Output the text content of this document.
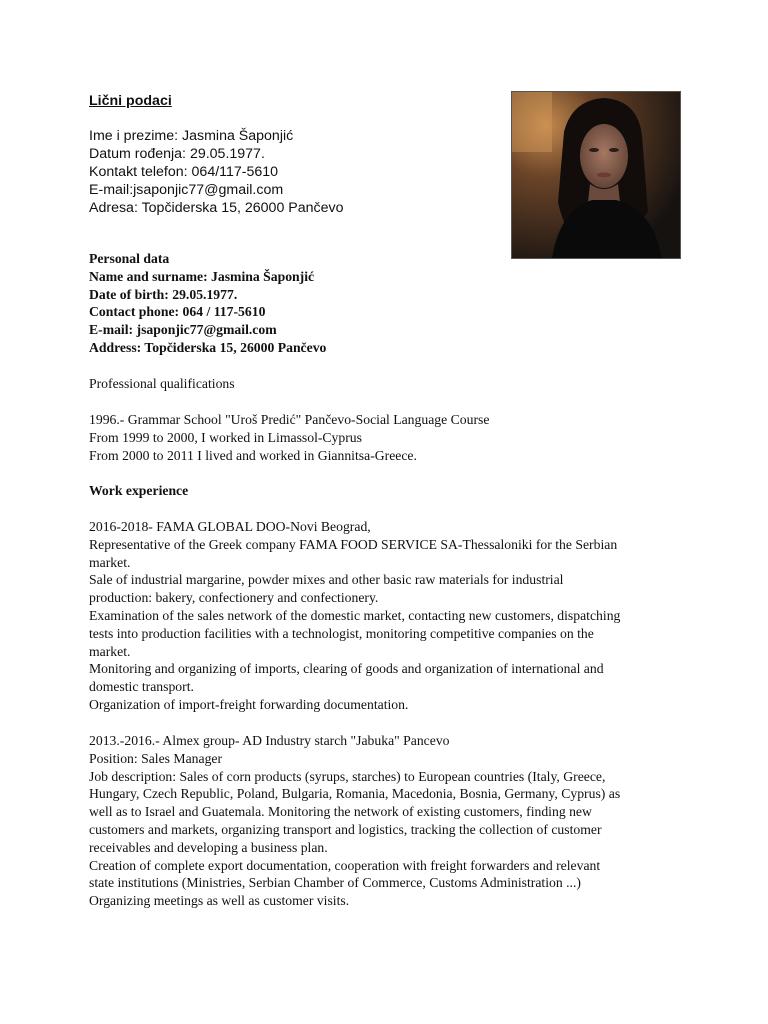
Lični podaci
Ime i prezime: Jasmina Šaponjić
Datum rođenja: 29.05.1977.
Kontakt telefon: 064/117-5610
E-mail:jsaponjic77@gmail.com
Adresa: Topčiderska 15, 26000 Pančevo
Personal data
Name and surname: Jasmina Šaponjić
Date of birth: 29.05.1977.
Contact phone: 064 / 117-5610
E-mail: jsaponjic77@gmail.com
Address: Topčiderska 15, 26000 Pančevo
Professional qualifications
1996.- Grammar School "Uroš Predić" Pančevo-Social Language Course
From 1999 to 2000, I worked in Limassol-Cyprus
From 2000 to 2011 I lived and worked in Giannitsa-Greece.
Work experience
2016-2018- FAMA GLOBAL DOO-Novi Beograd,
Representative of the Greek company FAMA FOOD SERVICE SA-Thessaloniki for the Serbian
market.
Sale of industrial margarine, powder mixes and other basic raw materials for industrial
production: bakery, confectionery and confectionery.
Examination of the sales network of the domestic market, contacting new customers, dispatching
tests into production facilities with a technologist, monitoring competitive companies on the
market.
Monitoring and organizing of imports, clearing of goods and organization of international and
domestic transport.
Organization of import-freight forwarding documentation.
2013.-2016.- Almex group- AD Industry starch "Jabuka" Pancevo
Position: Sales Manager
Job description: Sales of corn products (syrups, starches) to European countries (Italy, Greece,
Hungary, Czech Republic, Poland, Bulgaria, Romania, Macedonia, Bosnia, Germany, Cyprus) as
well as to Israel and Guatemala. Monitoring the network of existing customers, finding new
customers and markets, organizing transport and logistics, tracking the collection of customer
receivables and developing a business plan.
Creation of complete export documentation, cooperation with freight forwarders and relevant
state institutions (Ministries, Serbian Chamber of Commerce, Customs Administration ...)
Organizing meetings as well as customer visits.
